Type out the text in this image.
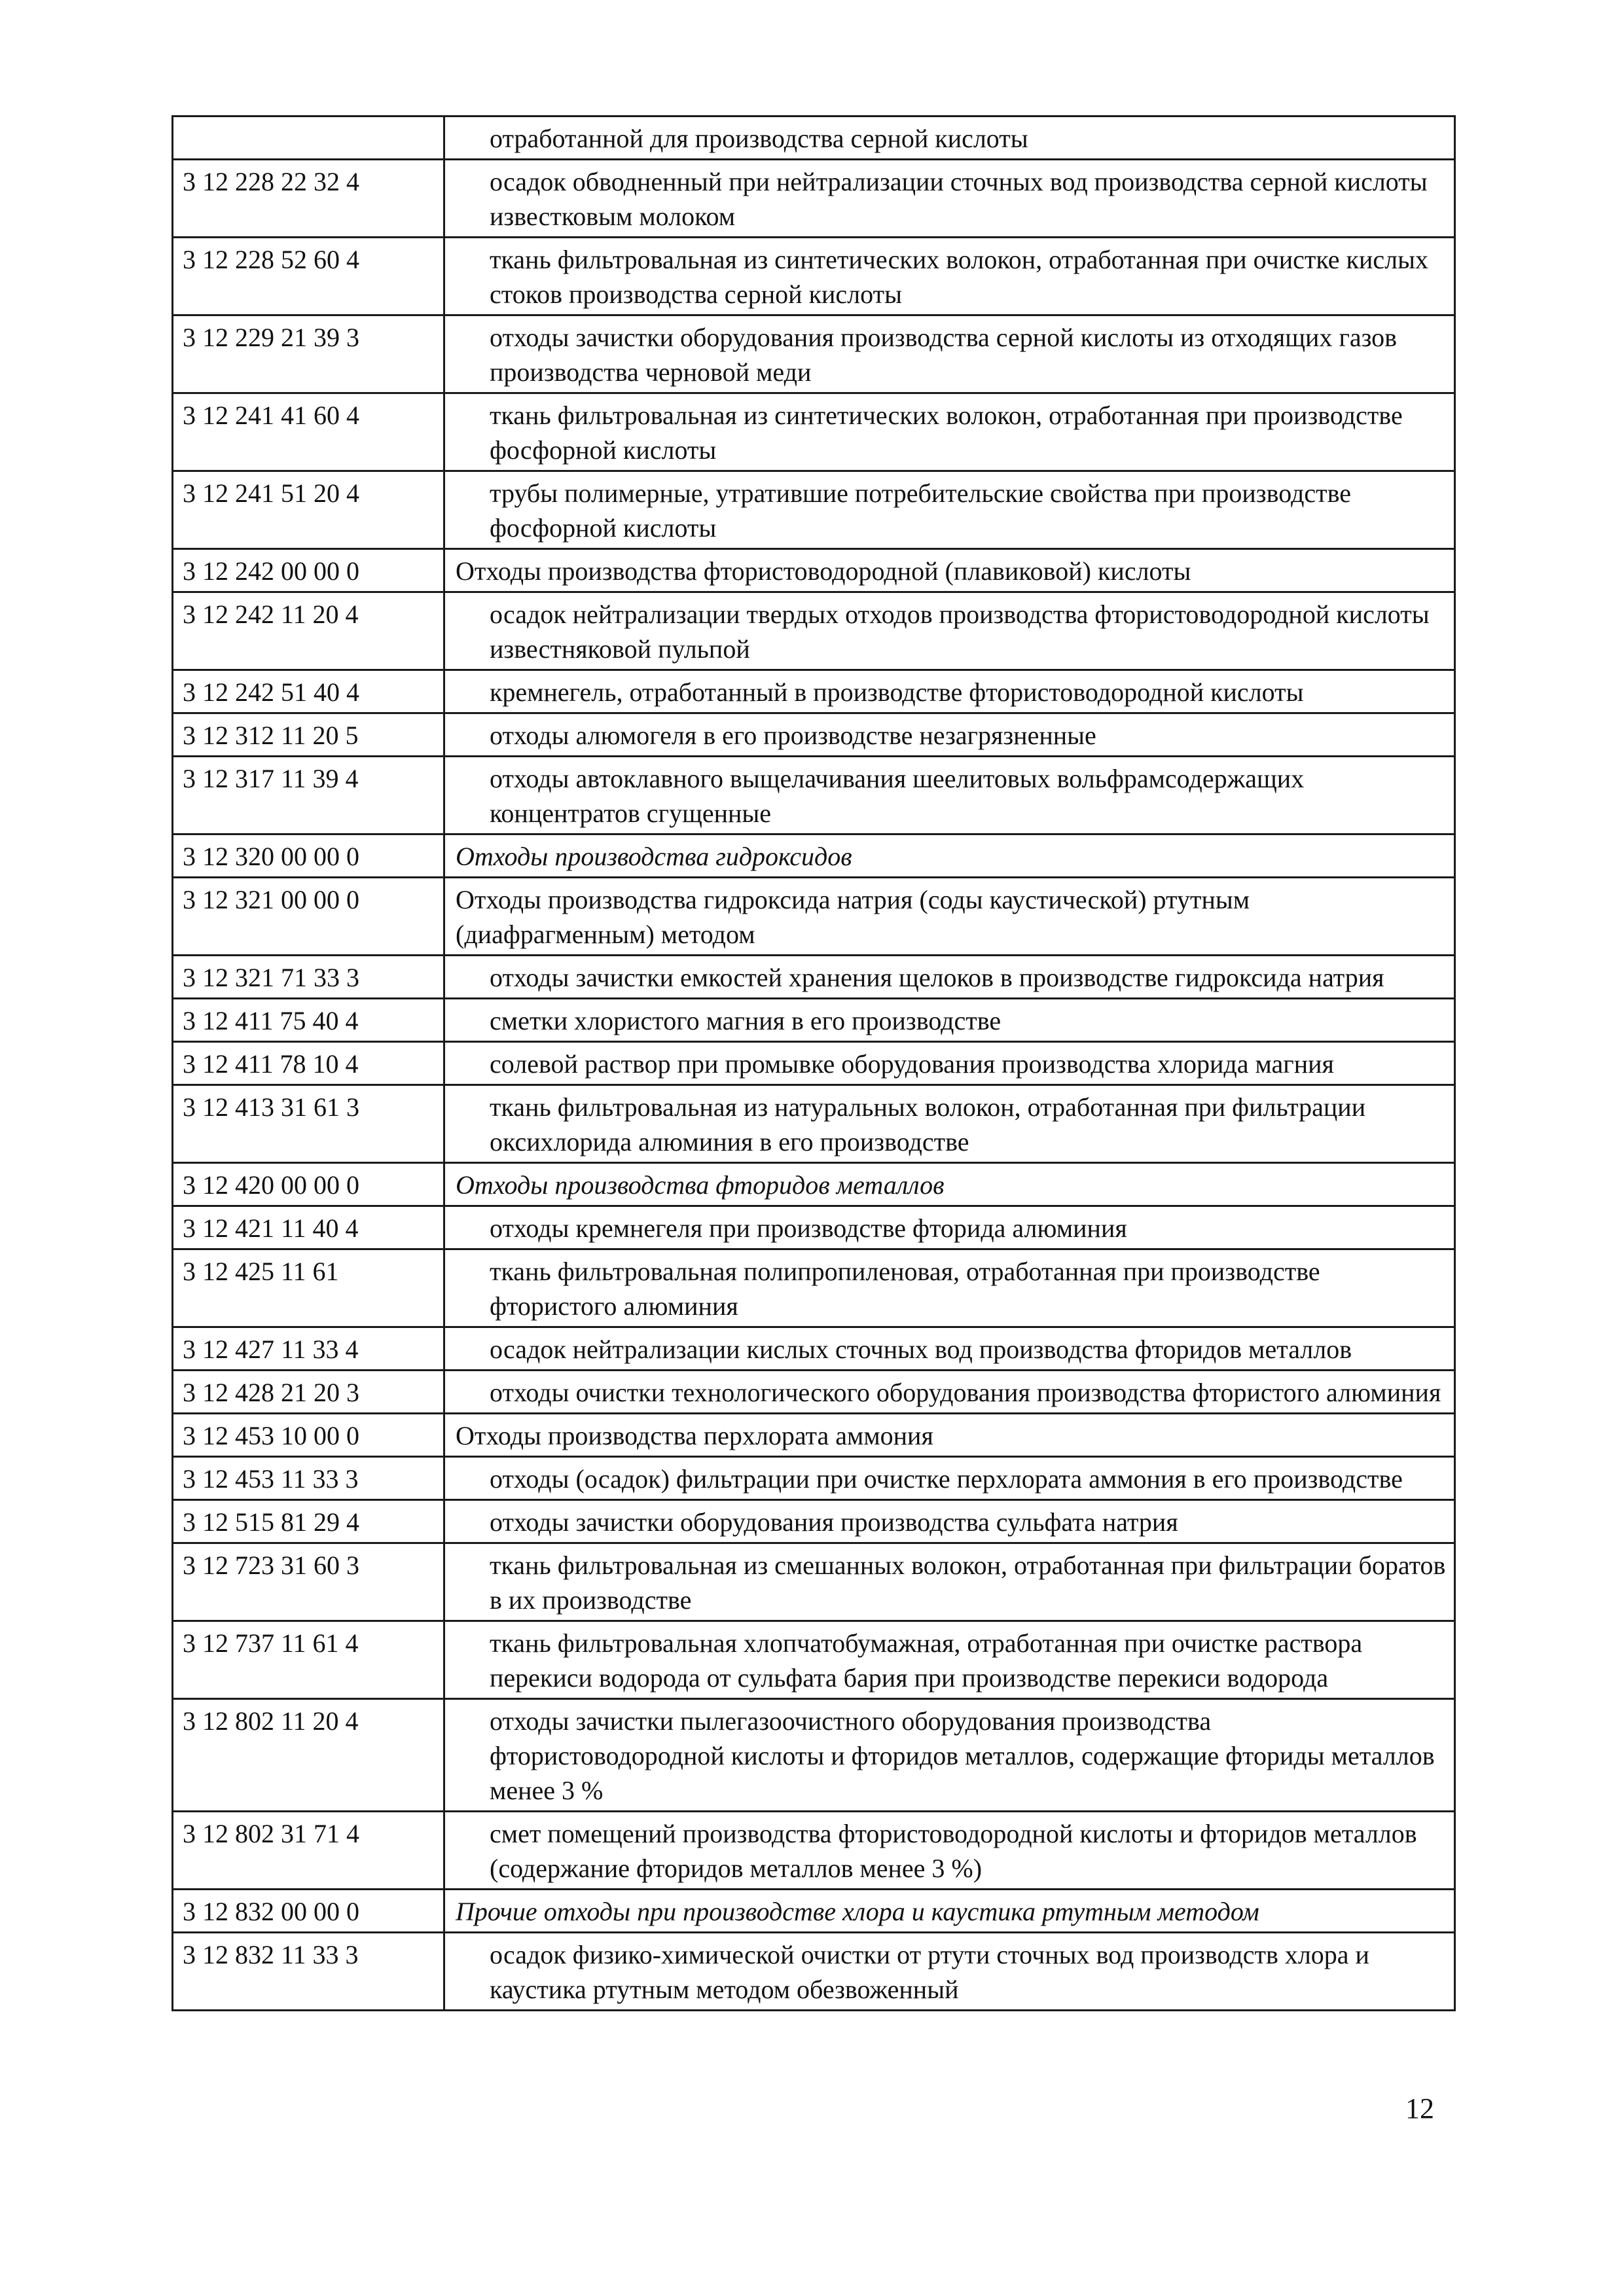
	отработанной для производства серной кислоты
3 12 228 22 32 4	осадок обводненный при нейтрализации сточных вод производства серной кислоты известковым молоком
3 12 228 52 60 4	ткань фильтровальная из синтетических волокон, отработанная при очистке кислых стоков производства серной кислоты
3 12 229 21 39 3	отходы зачистки оборудования производства серной кислоты из отходящих газов производства черновой меди
3 12 241 41 60 4	ткань фильтровальная из синтетических волокон, отработанная при производстве фосфорной кислоты
3 12 241 51 20 4	трубы полимерные, утратившие потребительские свойства при производстве фосфорной кислоты
3 12 242 00 00 0	Отходы производства фтористоводородной (плавиковой) кислоты
3 12 242 11 20 4	осадок нейтрализации твердых отходов производства фтористоводородной кислоты известняковой пульпой
3 12 242 51 40 4	кремнегель, отработанный в производстве фтористоводородной кислоты
3 12 312 11 20 5	отходы алюмогеля в его производстве незагрязненные
3 12 317 11 39 4	отходы автоклавного выщелачивания шеелитовых вольфрамсодержащих концентратов сгущенные
3 12 320 00 00 0	Отходы производства гидроксидов
3 12 321 00 00 0	Отходы производства гидроксида натрия (соды каустической) ртутным (диафрагменным) методом
3 12 321 71 33 3	отходы зачистки емкостей хранения щелоков в производстве гидроксида натрия
3 12 411 75 40 4	сметки хлористого магния в его производстве
3 12 411 78 10 4	солевой раствор при промывке оборудования производства хлорида магния
3 12 413 31 61 3	ткань фильтровальная из натуральных волокон, отработанная при фильтрации оксихлорида алюминия в его производстве
3 12 420 00 00 0	Отходы производства фторидов металлов
3 12 421 11 40 4	отходы кремнегеля при производстве фторида алюминия
3 12 425 11 61	ткань фильтровальная полипропиленовая, отработанная при производстве фтористого алюминия
3 12 427 11 33 4	осадок нейтрализации кислых сточных вод производства фторидов металлов
3 12 428 21 20 3	отходы очистки технологического оборудования производства фтористого алюминия
3 12 453 10 00 0	Отходы производства перхлората аммония
3 12 453 11 33 3	отходы (осадок) фильтрации при очистке перхлората аммония в его производстве
3 12 515 81 29 4	отходы зачистки оборудования производства сульфата натрия
3 12 723 31 60 3	ткань фильтровальная из смешанных волокон, отработанная при фильтрации боратов в их производстве
3 12 737 11 61 4	ткань фильтровальная хлопчатобумажная, отработанная при очистке раствора перекиси водорода от сульфата бария при производстве перекиси водорода
3 12 802 11 20 4	отходы зачистки пылегазоочистного оборудования производства фтористоводородной кислоты и фторидов металлов, содержащие фториды металлов менее 3 %
3 12 802 31 71 4	смет помещений производства фтористоводородной кислоты и фторидов металлов (содержание фторидов металлов менее 3 %)
3 12 832 00 00 0	Прочие отходы при производстве хлора и каустика ртутным методом
3 12 832 11 33 3	осадок физико-химической очистки от ртути сточных вод производств хлора и каустика ртутным методом обезвоженный
12
